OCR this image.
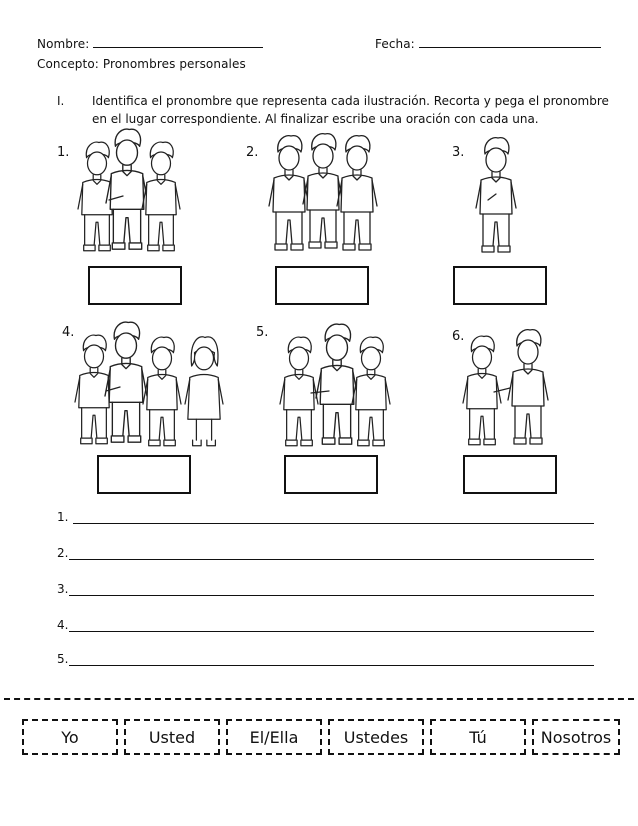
Nombre:	Fecha:
Concepto: Pronombres personales
I. Identifica el pronombre que representa cada ilustración. Recorta y pega el pronombre
en el lugar correspondiente. Al finalizar escribe una oración con cada una.
1.	2.	3.
4.	5.	6.
1.
2.
3.
4.
5.
Yo	Usted	El/Ella	Ustedes	Tú	Nosotros
